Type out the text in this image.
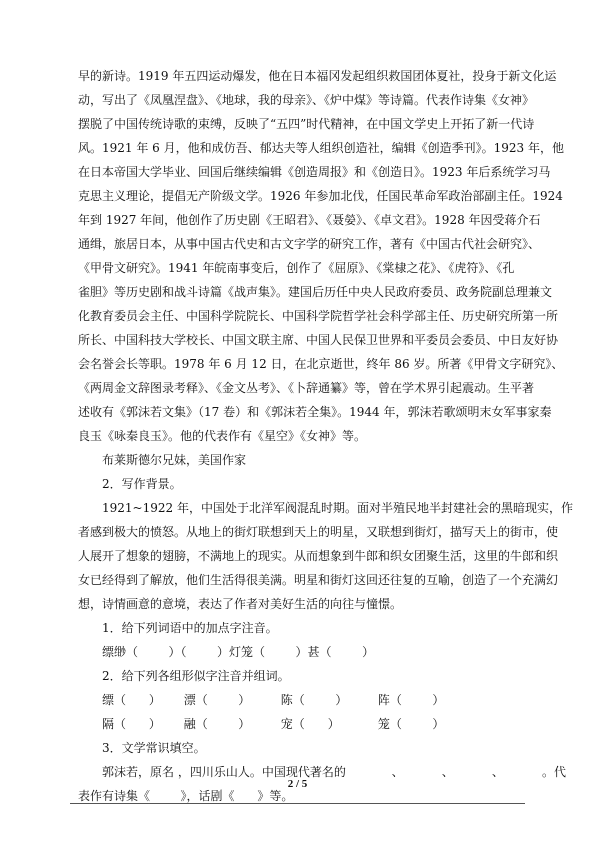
早的新诗。1919 年五四运动爆发，他在日本福冈发起组织救国团体夏社，投身于新文化运
动，写出了《凤凰涅盘》、《地球，我的母亲》、《炉中煤》等诗篇。代表作诗集《女神》
摆脱了中国传统诗歌的束缚，反映了“五四”时代精神，在中国文学史上开拓了新一代诗
风。1921 年 6 月，他和成仿吾、郁达夫等人组织创造社，编辑《创造季刊》。1923 年，他
在日本帝国大学毕业、回国后继续编辑《创造周报》和《创造日》。1923 年后系统学习马
克思主义理论，提倡无产阶级文学。1926 年参加北伐，任国民革命军政治部副主任。1924
年到 1927 年间，他创作了历史剧《王昭君》、《聂嫈》、《卓文君》。1928 年因受蒋介石
通缉，旅居日本，从事中国古代史和古文字学的研究工作，著有《中国古代社会研究》、
《甲骨文研究》。1941 年皖南事变后，创作了《屈原》、《棠棣之花》、《虎符》、《孔
雀胆》等历史剧和战斗诗篇《战声集》。建国后历任中央人民政府委员、政务院副总理兼文
化教育委员会主任、中国科学院院长、中国科学院哲学社会科学部主任、历史研究所第一所
所长、中国科技大学校长、中国文联主席、中国人民保卫世界和平委员会委员、中日友好协
会名誉会长等职。1978 年 6 月 12 日，在北京逝世，终年 86 岁。所著《甲骨文字研究》、
《两周金文辞图录考释》、《金文丛考》、《卜辞通纂》等，曾在学术界引起震动。生平著
述收有《郭沫若文集》（17 卷）和《郭沫若全集》。1944 年，郭沫若歌颂明末女军事家秦
良玉《咏秦良玉》。他的代表作有《星空》《女神》等。
布莱斯德尔兄妹，美国作家
2．写作背景。
1921~1922 年，中国处于北洋军阀混乱时期。面对半殖民地半封建社会的黑暗现实，作
者感到极大的愤怒。从地上的街灯联想到天上的明星，又联想到街灯，描写天上的街市，使
人展开了想象的翅膀，不满地上的现实。从而想象到牛郎和织女团聚生活，这里的牛郎和织
女已经得到了解放，他们生活得很美满。明星和街灯这回还往复的互喻，创造了一个充满幻
想，诗情画意的意境，表达了作者对美好生活的向往与憧憬。
1．给下列词语中的加点字注音。
缥缈（        ）（        ）灯笼（        ）甚（        ）
2．给下列各组形似字注音并组词。
缥（      ）      漂（        ）        陈（        ）        阵（        ）
隔（      ）      融（        ）        宠（      ）          笼（        ）
3．文学常识填空。
郭沫若，原名 ，四川乐山人。中国现代著名的            、          、          、          。代
表作有诗集《        》，话剧《      》等。
2 / 5
